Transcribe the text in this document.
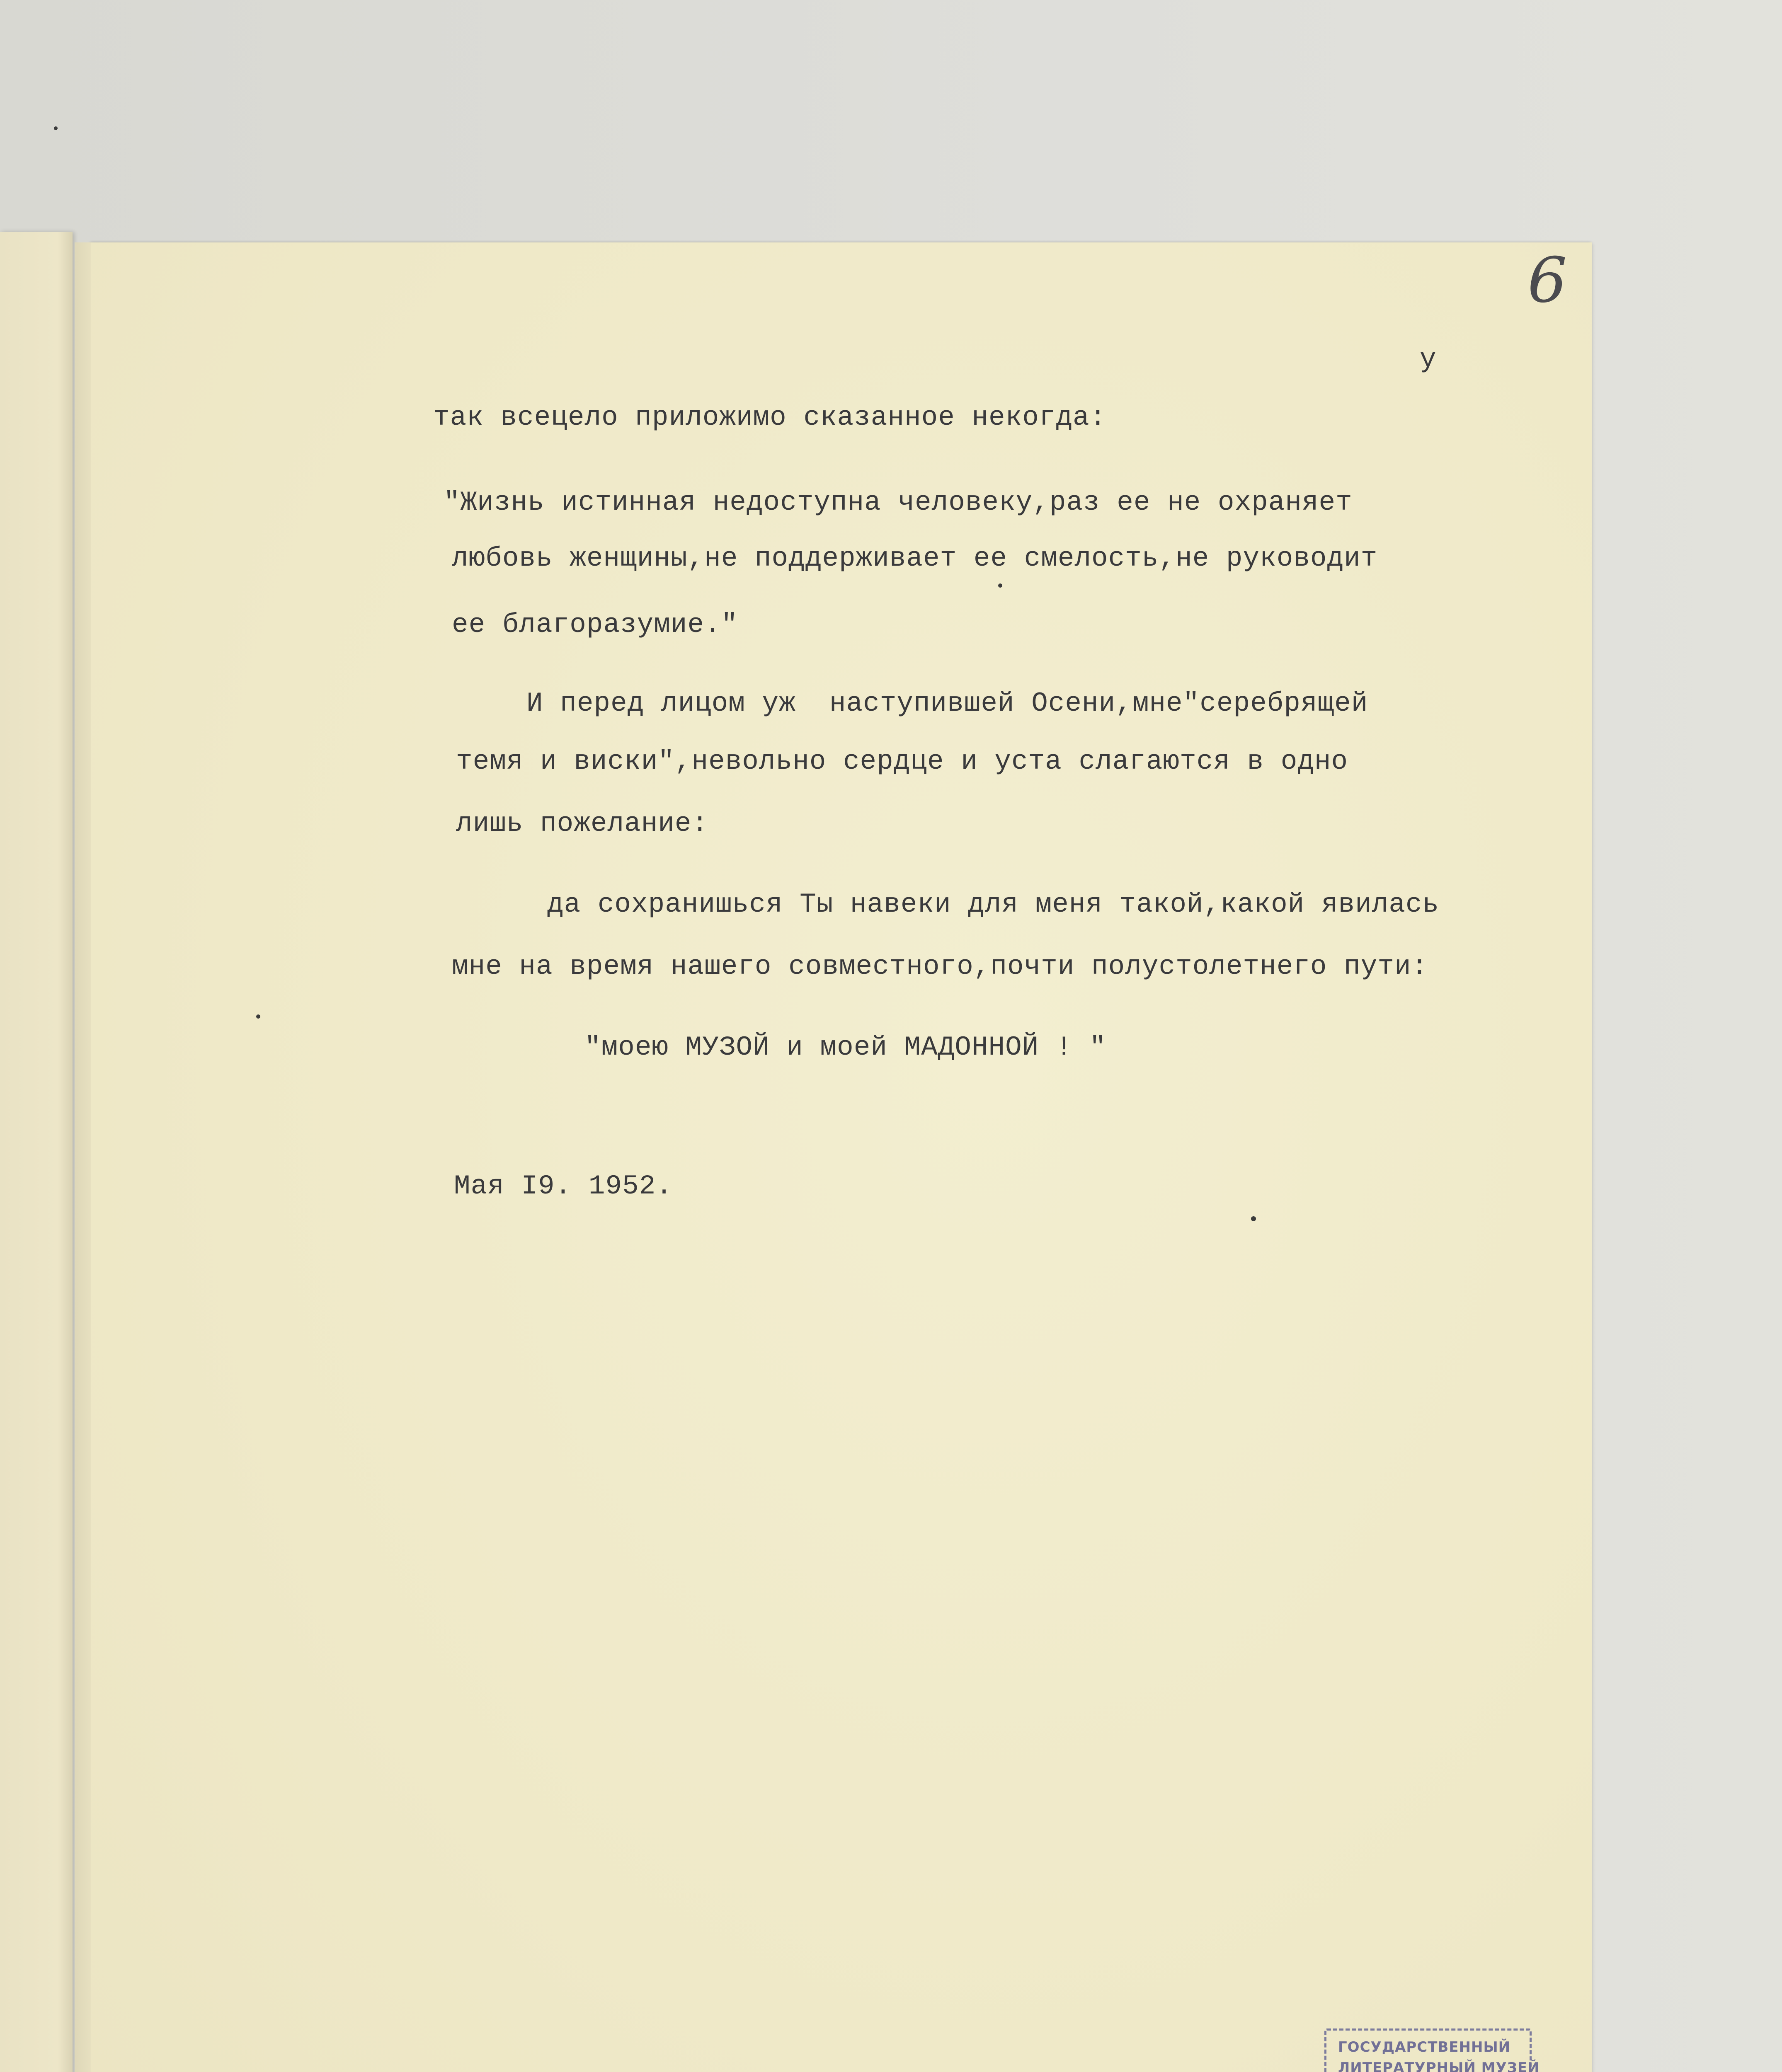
6

у

так всецело приложимо сказанное некогда:

"Жизнь истинная недоступна человеку,раз ее не охраняет

любовь женщины,не поддерживает ее смелость,не руководит

ее благоразумие."

И перед лицом уж  наступившей Осени,мне"серебрящей

темя и виски",невольно сердце и уста слагаются в одно

лишь пожелание:

да сохранишься Ты навеки для меня такой,какой явилась

мне на время нашего совместного,почти полустолетнего пути:

"моею МУЗОЙ и моей МАДОННОЙ ! "

Мая I9. 1952.

ГОСУДАРСТВЕННЫЙ
ЛИТЕРАТУРНЫЙ МУЗЕЙ
